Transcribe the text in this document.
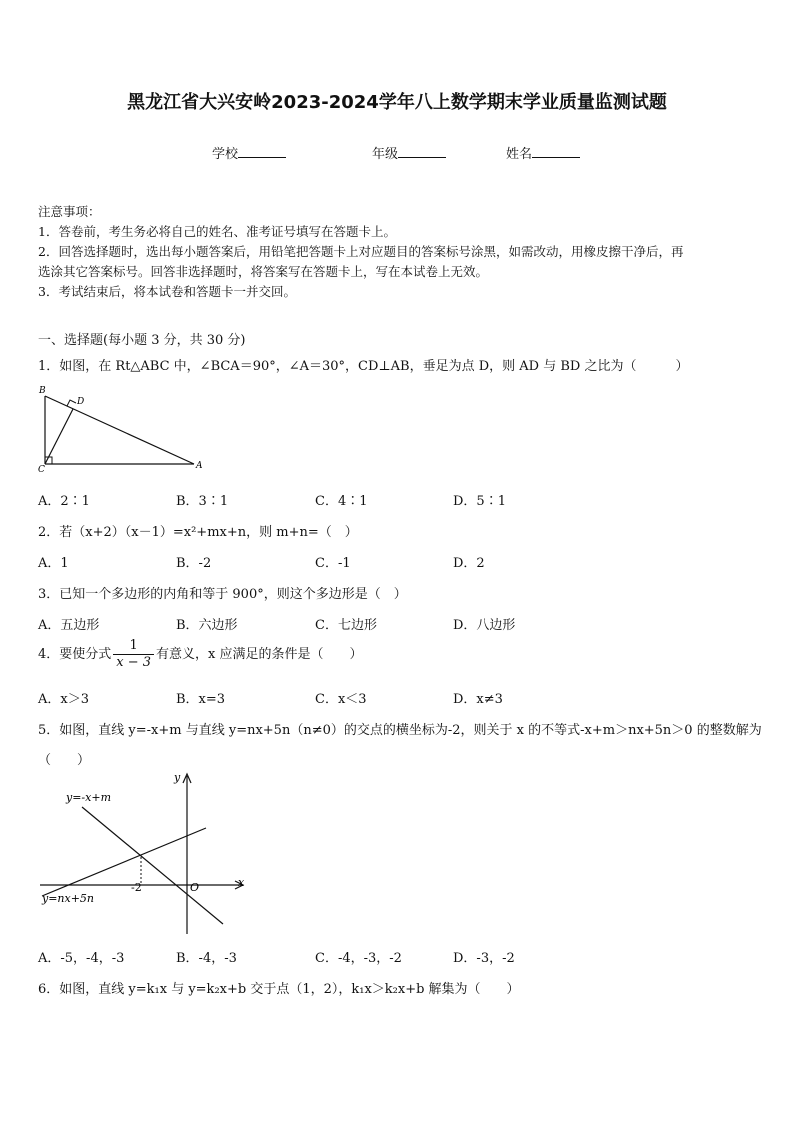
黑龙江省大兴安岭2023-2024学年八上数学期末学业质量监测试题
学校	年级	姓名
注意事项：
1．答卷前，考生务必将自己的姓名、准考证号填写在答题卡上。
2．回答选择题时，选出每小题答案后，用铅笔把答题卡上对应题目的答案标号涂黑，如需改动，用橡皮擦干净后，再
选涂其它答案标号。回答非选择题时，将答案写在答题卡上，写在本试卷上无效。
3．考试结束后，将本试卷和答题卡一并交回。
一、选择题(每小题 3 分，共 30 分)
1．如图，在 Rt△ABC 中，∠BCA＝90°，∠A＝30°，CD⊥AB，垂足为点 D，则 AD 与 BD 之比为（　　　）
B
D
C	A
A．2∶1	B．3∶1	C．4∶1	D．5∶1
2．若（x+2）（x－1）=x²+mx+n，则 m+n=（　）
A．1	B．-2	C．-1	D．2
3．已知一个多边形的内角和等于 900°，则这个多边形是（　）
A．五边形	B．六边形	C．七边形	D．八边形
4．要使分式 $\frac{1}{x - 3}$ 有意义，x 应满足的条件是（　　）
A．x＞3	B．x=3	C．x＜3	D．x≠3
5．如图，直线 y=-x+m 与直线 y=nx+5n（n≠0）的交点的横坐标为-2，则关于 x 的不等式-x+m＞nx+5n＞0 的整数解为
（　　）
y=-x+m
y=nx+5n
y
x
O
-2
A．-5，-4，-3	B．-4，-3	C．-4，-3，-2	D．-3，-2
6．如图，直线 y=k₁x 与 y=k₂x+b 交于点（1，2），k₁x＞k₂x+b 解集为（　　）
